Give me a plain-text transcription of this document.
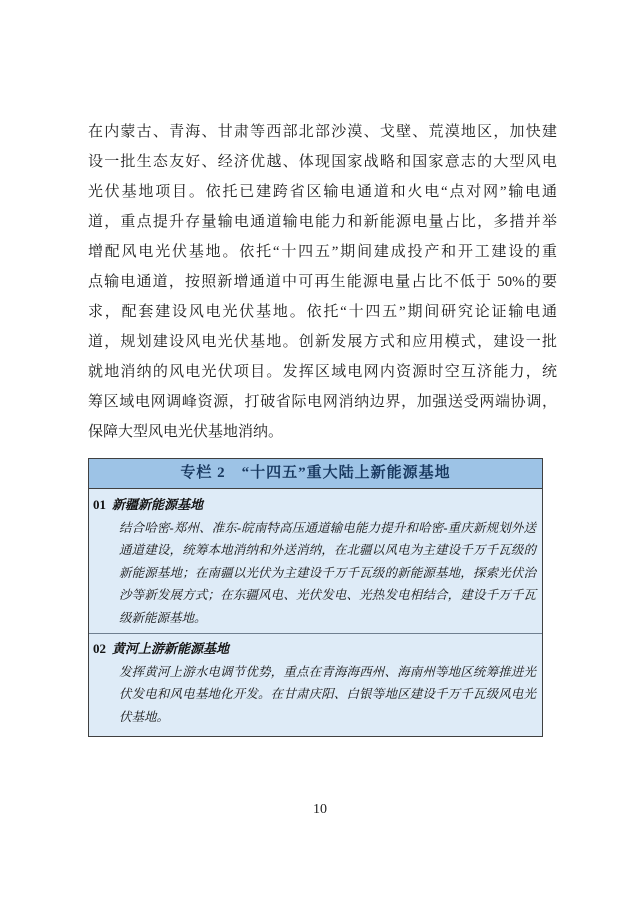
在内蒙古、青海、甘肃等西部北部沙漠、戈壁、荒漠地区，加快建
设一批生态友好、经济优越、体现国家战略和国家意志的大型风电
光伏基地项目。依托已建跨省区输电通道和火电“点对网”输电通
道，重点提升存量输电通道输电能力和新能源电量占比，多措并举
增配风电光伏基地。依托“十四五”期间建成投产和开工建设的重
点输电通道，按照新增通道中可再生能源电量占比不低于 50%的要
求，配套建设风电光伏基地。依托“十四五”期间研究论证输电通
道，规划建设风电光伏基地。创新发展方式和应用模式，建设一批
就地消纳的风电光伏项目。发挥区域电网内资源时空互济能力，统
筹区域电网调峰资源，打破省际电网消纳边界，加强送受两端协调，
保障大型风电光伏基地消纳。
专栏 2　“十四五”重大陆上新能源基地
01 新疆新能源基地
结合哈密-郑州、准东-皖南特高压通道输电能力提升和哈密-重庆新规划外送
通道建设，统筹本地消纳和外送消纳，在北疆以风电为主建设千万千瓦级的
新能源基地；在南疆以光伏为主建设千万千瓦级的新能源基地，探索光伏治
沙等新发展方式；在东疆风电、光伏发电、光热发电相结合，建设千万千瓦
级新能源基地。
02 黄河上游新能源基地
发挥黄河上游水电调节优势，重点在青海海西州、海南州等地区统筹推进光
伏发电和风电基地化开发。在甘肃庆阳、白银等地区建设千万千瓦级风电光
伏基地。
10
